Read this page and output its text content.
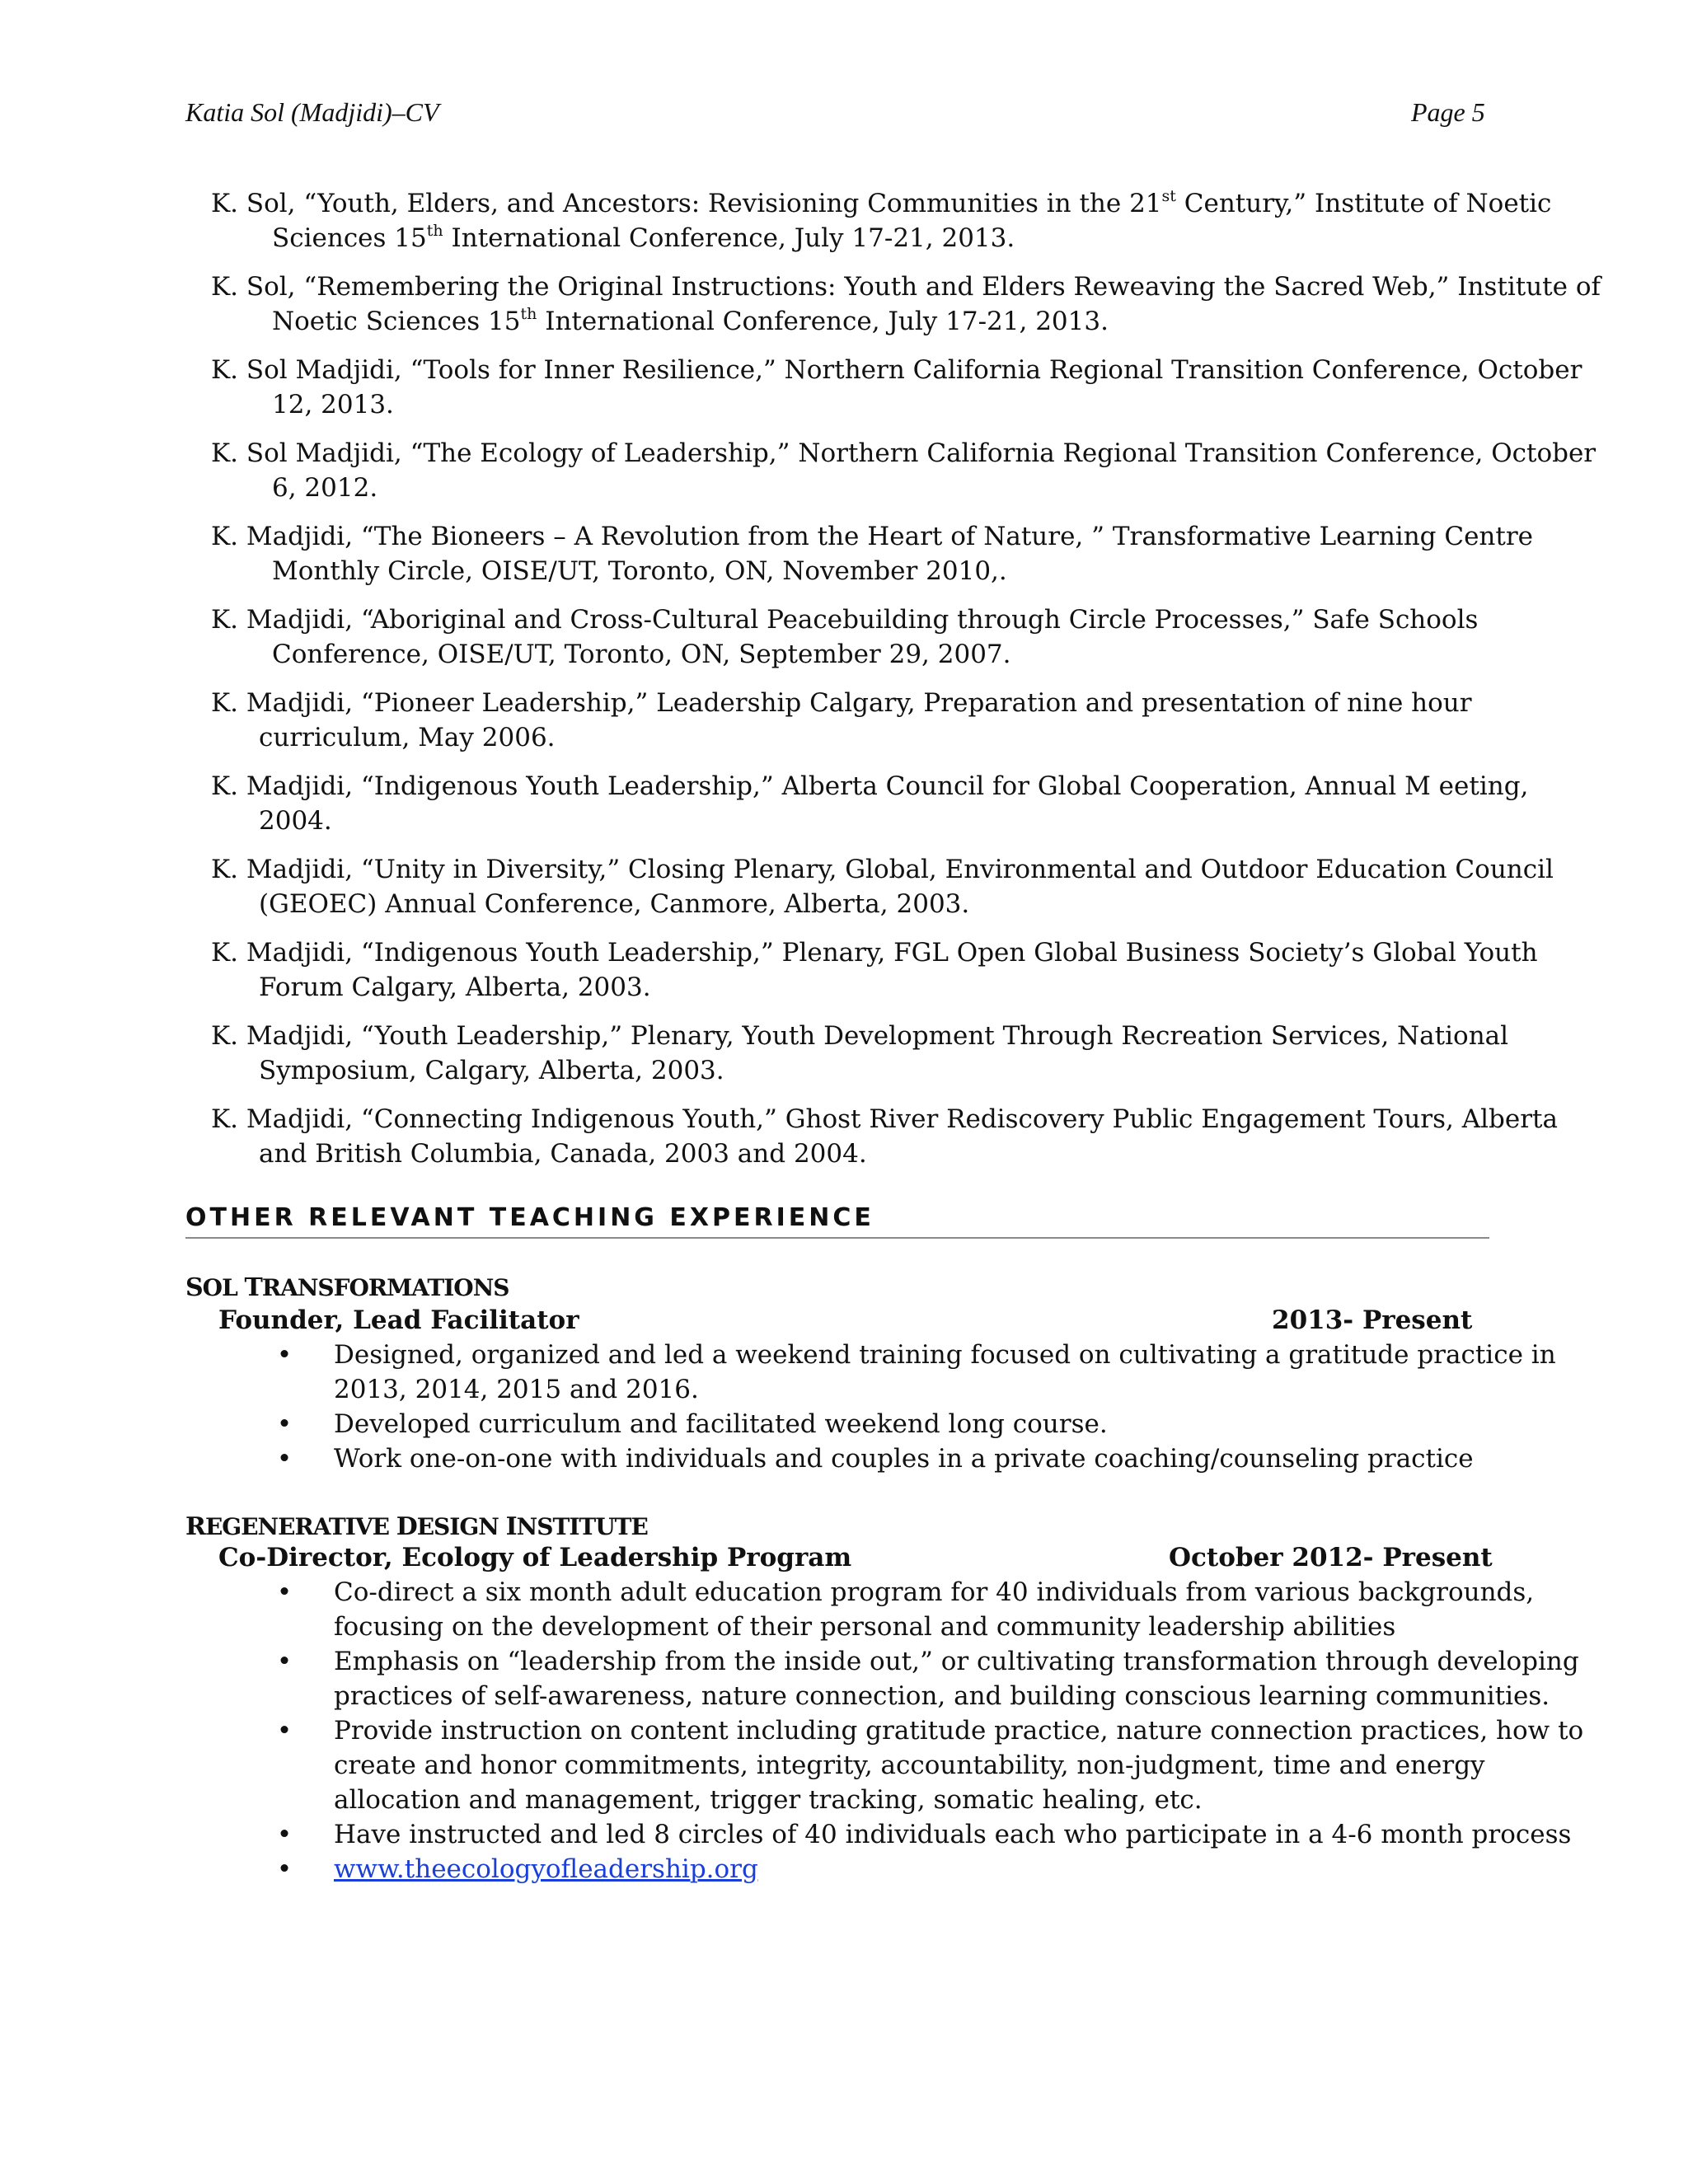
Katia Sol (Madjidi)–CV	Page 5
K. Sol, “Youth, Elders, and Ancestors: Revisioning Communities in the 21st Century,” Institute of Noetic
Sciences 15th International Conference, July 17-21, 2013.
K. Sol, “Remembering the Original Instructions: Youth and Elders Reweaving the Sacred Web,” Institute of
Noetic Sciences 15th International Conference, July 17-21, 2013.
K. Sol Madjidi, “Tools for Inner Resilience,” Northern California Regional Transition Conference, October
12, 2013.
K. Sol Madjidi, “The Ecology of Leadership,” Northern California Regional Transition Conference, October
6, 2012.
K. Madjidi, “The Bioneers – A Revolution from the Heart of Nature, ” Transformative Learning Centre
Monthly Circle, OISE/UT, Toronto, ON, November 2010,.
K. Madjidi, “Aboriginal and Cross-Cultural Peacebuilding through Circle Processes,” Safe Schools
Conference, OISE/UT, Toronto, ON, September 29, 2007.
K. Madjidi, “Pioneer Leadership,” Leadership Calgary, Preparation and presentation of nine hour
curriculum, May 2006.
K. Madjidi, “Indigenous Youth Leadership,” Alberta Council for Global Cooperation, Annual M eeting,
2004.
K. Madjidi, “Unity in Diversity,” Closing Plenary, Global, Environmental and Outdoor Education Council
(GEOEC) Annual Conference, Canmore, Alberta, 2003.
K. Madjidi, “Indigenous Youth Leadership,” Plenary, FGL Open Global Business Society’s Global Youth
Forum Calgary, Alberta, 2003.
K. Madjidi, “Youth Leadership,” Plenary, Youth Development Through Recreation Services, National
Symposium, Calgary, Alberta, 2003.
K. Madjidi, “Connecting Indigenous Youth,” Ghost River Rediscovery Public Engagement Tours, Alberta
and British Columbia, Canada, 2003 and 2004.
OTHER RELEVANT TEACHING EXPERIENCE
SOL TRANSFORMATIONS
Founder, Lead Facilitator	2013- Present
• Designed, organized and led a weekend training focused on cultivating a gratitude practice in
2013, 2014, 2015 and 2016.
• Developed curriculum and facilitated weekend long course.
• Work one-on-one with individuals and couples in a private coaching/counseling practice
REGENERATIVE DESIGN INSTITUTE
Co-Director, Ecology of Leadership Program	October 2012- Present
• Co-direct a six month adult education program for 40 individuals from various backgrounds,
focusing on the development of their personal and community leadership abilities
• Emphasis on “leadership from the inside out,” or cultivating transformation through developing
practices of self-awareness, nature connection, and building conscious learning communities.
• Provide instruction on content including gratitude practice, nature connection practices, how to
create and honor commitments, integrity, accountability, non-judgment, time and energy
allocation and management, trigger tracking, somatic healing, etc.
• Have instructed and led 8 circles of 40 individuals each who participate in a 4-6 month process
• www.theecologyofleadership.org
